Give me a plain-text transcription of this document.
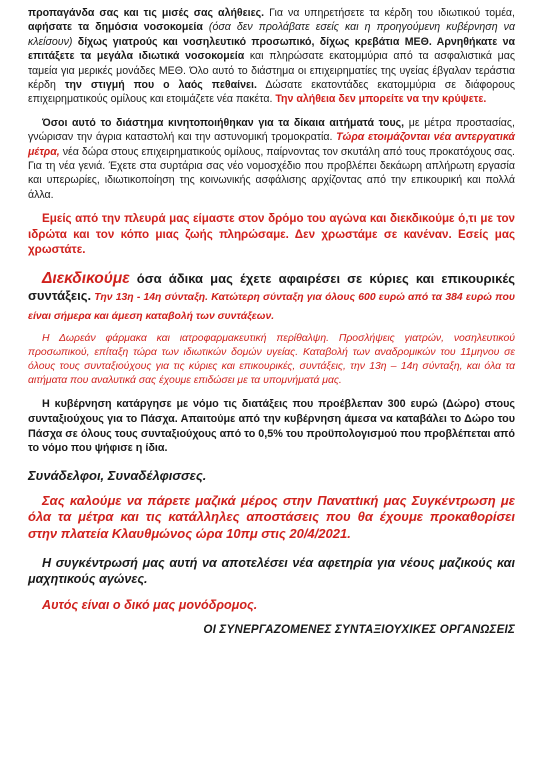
προπαγάνδα σας και τις μισές σας αλήθειες. Για να υπηρετήσετε τα κέρδη του ιδιωτικού τομέα, αφήσατε τα δημόσια νοσοκομεία (όσα δεν προλάβατε εσείς και η προηγούμενη κυβέρνηση να κλείσουν) δίχως γιατρούς και νοσηλευτικό προσωπικό, δίχως κρεβάτια ΜΕΘ. Αρνηθήκατε να επιτάξετε τα μεγάλα ιδιωτικά νοσοκομεία και πληρώσατε εκατομμύρια από τα ασφαλιστικά μας ταμεία για μερικές μονάδες ΜΕΘ. Όλο αυτό το διάστημα οι επιχειρηματίες της υγείας έβγαλαν τεράστια κέρδη την στιγμή που ο λαός πεθαίνει. Δώσατε εκατοντάδες εκατομμύρια σε διάφορους επιχειρηματικούς ομίλους και ετοιμάζετε νέα πακέτα. Την αλήθεια δεν μπορείτε να την κρύψετε.

Όσοι αυτό το διάστημα κινητοποιήθηκαν για τα δίκαια αιτήματά τους, με μέτρα προστασίας, γνώρισαν την άγρια καταστολή και την αστυνομική τρομοκρατία. Τώρα ετοιμάζονται νέα αντεργατικά μέτρα, νέα δώρα στους επιχειρηματικούς ομίλους, παίρνοντας τον σκυτάλη από τους προκατόχους σας. Για τη νέα γενιά. Έχετε στα συρτάρια σας νέο νομοσχέδιο που προβλέπει δεκάωρη απλήρωτη εργασία και υπερωρίες, ιδιωτικοποίηση της κοινωνικής ασφάλισης αρχίζοντας από την επικουρική και πολλά άλλα.

Εμείς από την πλευρά μας είμαστε στον δρόμο του αγώνα και διεκδικούμε ό,τι με τον ιδρώτα και τον κόπο μιας ζωής πληρώσαμε. Δεν χρωστάμε σε κανέναν. Εσείς μας χρωστάτε.

Διεκδικούμε όσα άδικα μας έχετε αφαιρέσει σε κύριες και επικουρικές συντάξεις. Την 13η - 14η σύνταξη. Κατώτερη σύνταξη για όλους 600 ευρώ από τα 384 ευρώ που είναι σήμερα και άμεση καταβολή των συντάξεων.

Η Δωρεάν φάρμακα και ιατροφαρμακευτική περίθαλψη. Προσλήψεις γιατρών, νοσηλευτικού προσωπικού, επίταξη τώρα των ιδιωτικών δομών υγείας. Καταβολή των αναδρομικών του 11μηνου σε όλους τους συνταξιούχους για τις κύριες και επικουρικές, συντάξεις, την 13η – 14η σύνταξη, και όλα τα αιτήματα που αναλυτικά σας έχουμε επιδώσει με τα υπομνήματά μας.

Η κυβέρνηση κατάργησε με νόμο τις διατάξεις που προέβλεπαν 300 ευρώ (Δώρο) στους συνταξιούχους για το Πάσχα. Απαιτούμε από την κυβέρνηση άμεσα να καταβάλει το Δώρο του Πάσχα σε όλους τους συνταξιούχους από το 0,5% του προϋπολογισμού που προβλέπεται από το νόμο που ψήφισε η ίδια.

Συνάδελφοι, Συναδέλφισσες.

Σας καλούμε να πάρετε μαζικά μέρος στην Πανατtική μας Συγκέντρωση με όλα τα μέτρα και τις κατάλληλες αποστάσεις που θα έχουμε προκαθορίσει στην πλατεία Κλαυθμώνος ώρα 10πμ στις 20/4/2021.

Η συγκέντρωσή μας αυτή να αποτελέσει νέα αφετηρία για νέους μαζικούς και μαχητικούς αγώνες.

Αυτός είναι ο δικό μας μονόδρομος.

ΟΙ ΣΥΝΕΡΓΑΖΟΜΕΝΕΣ ΣΥΝΤΑΞΙΟΥΧΙΚΕΣ ΟΡΓΑΝΩΣΕΙΣ
